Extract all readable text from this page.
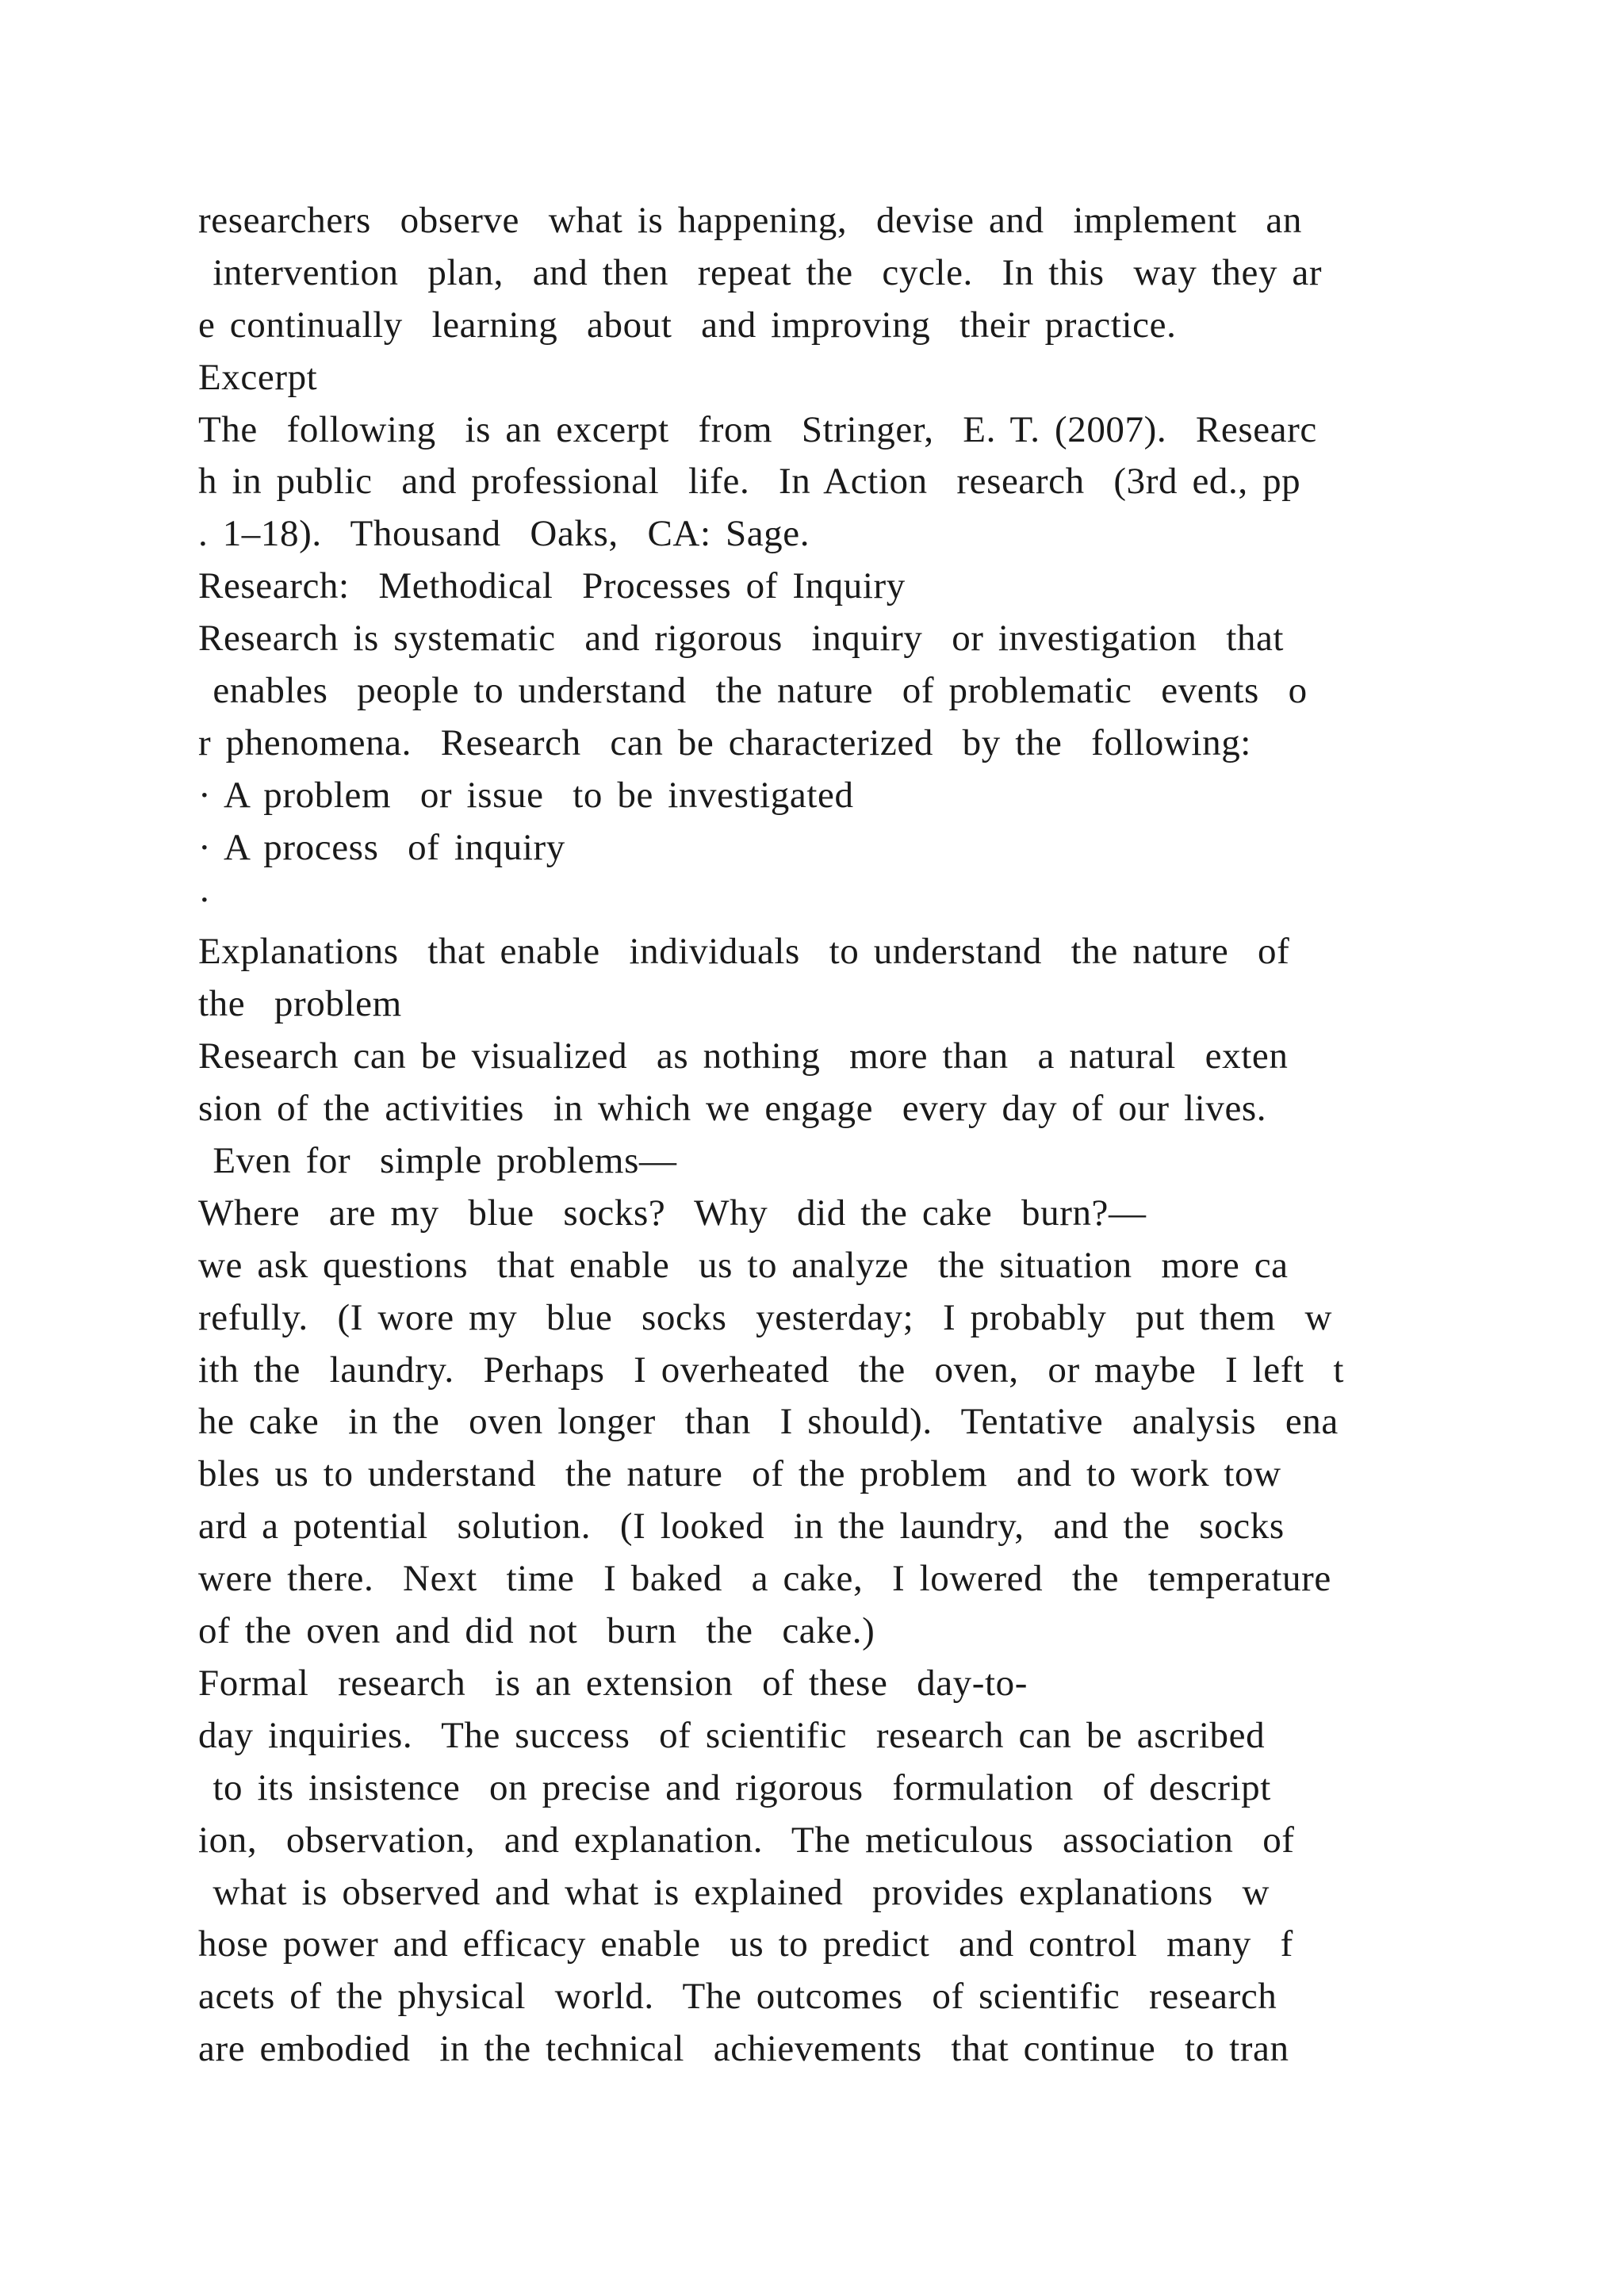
researchers  observe  what is happening,  devise and  implement  an
intervention  plan,  and then  repeat the  cycle.  In this  way they ar
e continually  learning  about  and improving  their practice.
Excerpt
The  following  is an excerpt  from  Stringer,  E. T. (2007).  Researc
h in public  and professional  life.  In Action  research  (3rd ed., pp
. 1–18).  Thousand  Oaks,  CA: Sage.
Research:  Methodical  Processes of Inquiry
Research is systematic  and rigorous  inquiry  or investigation  that
enables  people to understand  the nature  of problematic  events  o
r phenomena.  Research  can be characterized  by the  following:
· A problem  or issue  to be investigated
· A process  of inquiry
·
Explanations  that enable  individuals  to understand  the nature  of
the  problem
Research can be visualized  as nothing  more than  a natural  exten
sion of the activities  in which we engage  every day of our lives.
Even for  simple problems—
Where  are my  blue  socks?  Why  did the cake  burn?—
we ask questions  that enable  us to analyze  the situation  more ca
refully.  (I wore my  blue  socks  yesterday;  I probably  put them  w
ith the  laundry.  Perhaps  I overheated  the  oven,  or maybe  I left  t
he cake  in the  oven longer  than  I should).  Tentative  analysis  ena
bles us to understand  the nature  of the problem  and to work tow
ard a potential  solution.  (I looked  in the laundry,  and the  socks
were there.  Next  time  I baked  a cake,  I lowered  the  temperature
of the oven and did not  burn  the  cake.)
Formal  research  is an extension  of these  day-to-
day inquiries.  The success  of scientific  research can be ascribed
to its insistence  on precise and rigorous  formulation  of descript
ion,  observation,  and explanation.  The meticulous  association  of
what is observed and what is explained  provides explanations  w
hose power and efficacy enable  us to predict  and control  many  f
acets of the physical  world.  The outcomes  of scientific  research
are embodied  in the technical  achievements  that continue  to tran
